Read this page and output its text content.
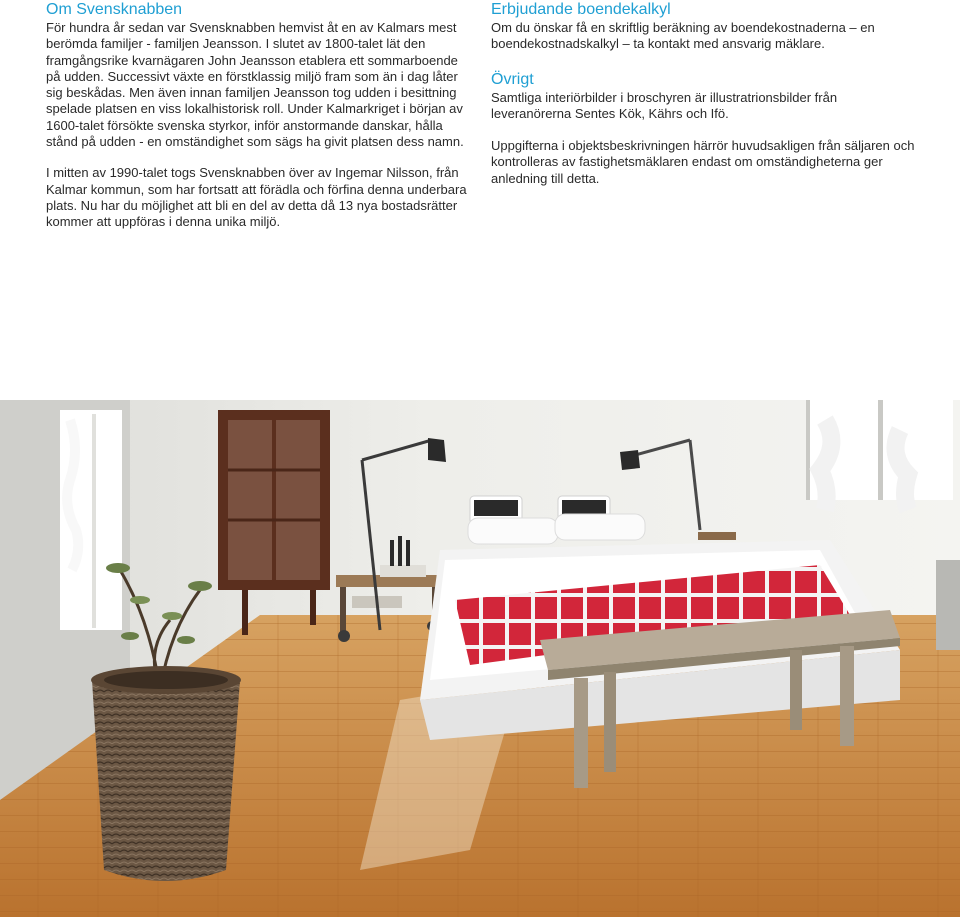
Om Svensknabben

För hundra år sedan var Svensknabben hemvist åt en av Kalmars mest berömda familjer - familjen Jeansson. I slutet av 1800-talet lät den framgångsrike kvarnägaren John Jeansson etablera ett sommarboende på udden. Successivt växte en förstklassig miljö fram som än i dag låter sig beskådas. Men även innan familjen Jeansson tog udden i besittning spelade platsen en viss lokalhistorisk roll. Under Kalmarkriget i början av 1600-talet försökte svenska styrkor, inför anstormande danskar, hålla stånd på udden - en omständighet som sägs ha givit platsen dess namn.

I mitten av 1990-talet togs Svensknabben över av Ingemar Nilsson, från Kalmar kommun, som har fortsatt att förädla och förfina denna underbara plats. Nu har du möjlighet att bli en del av detta då 13 nya bostadsrätter kommer att uppföras i denna unika miljö.

Erbjudande boendekalkyl

Om du önskar få en skriftlig beräkning av boendekostnaderna – en boendekostnadskalkyl – ta kontakt med ansvarig mäklare.

Övrigt

Samtliga interiörbilder i broschyren är illustratrionsbilder från leveranörerna Sentes Kök, Kährs och Ifö.

Uppgifterna i objektsbeskrivningen härrör huvudsakligen från säljaren och kontrolleras av fastighetsmäklaren endast om omständigheterna ger anledning till detta.
